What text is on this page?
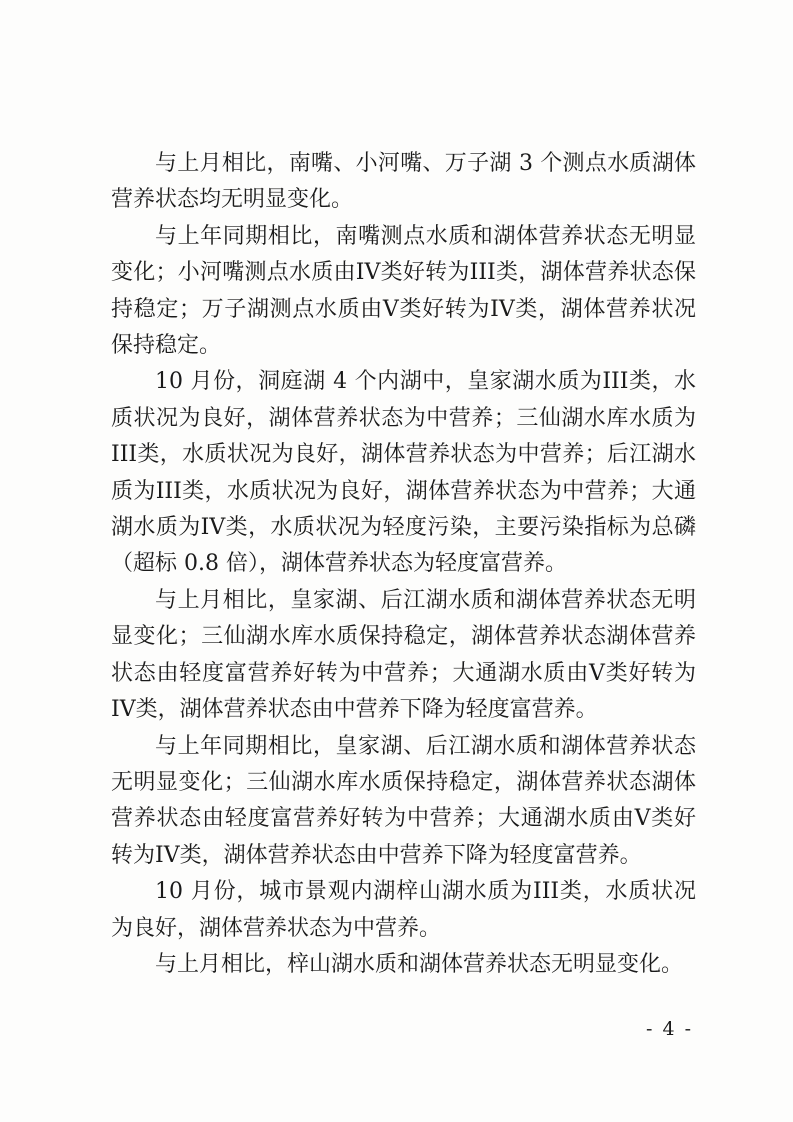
与上月相比，南嘴、小河嘴、万子湖 3 个测点水质湖体营养状态均无明显变化。

与上年同期相比，南嘴测点水质和湖体营养状态无明显变化；小河嘴测点水质由IV类好转为III类，湖体营养状态保持稳定；万子湖测点水质由V类好转为IV类，湖体营养状况保持稳定。

10 月份，洞庭湖 4 个内湖中，皇家湖水质为III类，水质状况为良好，湖体营养状态为中营养；三仙湖水库水质为III类，水质状况为良好，湖体营养状态为中营养；后江湖水质为III类，水质状况为良好，湖体营养状态为中营养；大通湖水质为IV类，水质状况为轻度污染，主要污染指标为总磷（超标 0.8 倍），湖体营养状态为轻度富营养。

与上月相比，皇家湖、后江湖水质和湖体营养状态无明显变化；三仙湖水库水质保持稳定，湖体营养状态湖体营养状态由轻度富营养好转为中营养；大通湖水质由V类好转为IV类，湖体营养状态由中营养下降为轻度富营养。

与上年同期相比，皇家湖、后江湖水质和湖体营养状态无明显变化；三仙湖水库水质保持稳定，湖体营养状态湖体营养状态由轻度富营养好转为中营养；大通湖水质由V类好转为IV类，湖体营养状态由中营养下降为轻度富营养。

10 月份，城市景观内湖梓山湖水质为III类，水质状况为良好，湖体营养状态为中营养。

与上月相比，梓山湖水质和湖体营养状态无明显变化。

- 4 -
